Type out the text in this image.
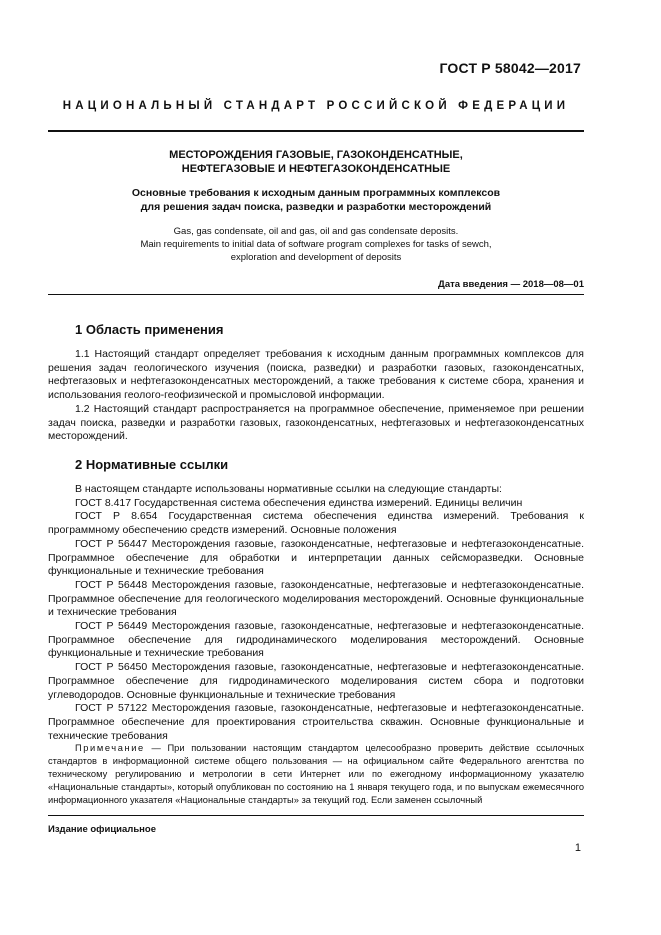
ГОСТ Р 58042—2017
НАЦИОНАЛЬНЫЙ СТАНДАРТ РОССИЙСКОЙ ФЕДЕРАЦИИ
МЕСТОРОЖДЕНИЯ ГАЗОВЫЕ, ГАЗОКОНДЕНСАТНЫЕ,
НЕФТЕГАЗОВЫЕ И НЕФТЕГАЗОКОНДЕНСАТНЫЕ
Основные требования к исходным данным программных комплексов
для решения задач поиска, разведки и разработки месторождений
Gas, gas condensate, oil and gas, oil and gas condensate deposits.
Main requirements to initial data of software program complexes for tasks of sewch,
exploration and development of deposits
Дата введения — 2018—08—01
1 Область применения

1.1 Настоящий стандарт определяет требования к исходным данным программных комплексов для решения задач геологического изучения (поиска, разведки) и разработки газовых, газоконденсатных, нефтегазовых и нефтегазоконденсатных месторождений, а также требования к системе сбора, хранения и использования геолого-геофизической и промысловой информации.

1.2 Настоящий стандарт распространяется на программное обеспечение, применяемое при решении задач поиска, разведки и разработки газовых, газоконденсатных, нефтегазовых и нефтегазоконденсатных месторождений.

2 Нормативные ссылки

В настоящем стандарте использованы нормативные ссылки на следующие стандарты:

ГОСТ 8.417 Государственная система обеспечения единства измерений. Единицы величин

ГОСТ Р 8.654 Государственная система обеспечения единства измерений. Требования к программному обеспечению средств измерений. Основные положения

ГОСТ Р 56447 Месторождения газовые, газоконденсатные, нефтегазовые и нефтегазоконденсатные. Программное обеспечение для обработки и интерпретации данных сейсморазведки. Основные функциональные и технические требования

ГОСТ Р 56448 Месторождения газовые, газоконденсатные, нефтегазовые и нефтегазоконденсатные. Программное обеспечение для геологического моделирования месторождений. Основные функциональные и технические требования

ГОСТ Р 56449 Месторождения газовые, газоконденсатные, нефтегазовые и нефтегазоконденсатные. Программное обеспечение для гидродинамического моделирования месторождений. Основные функциональные и технические требования

ГОСТ Р 56450 Месторождения газовые, газоконденсатные, нефтегазовые и нефтегазоконденсатные. Программное обеспечение для гидродинамического моделирования систем сбора и подготовки углеводородов. Основные функциональные и технические требования

ГОСТ Р 57122 Месторождения газовые, газоконденсатные, нефтегазовые и нефтегазоконденсатные. Программное обеспечение для проектирования строительства скважин. Основные функциональные и технические требования

Примечание — При пользовании настоящим стандартом целесообразно проверить действие ссылочных стандартов в информационной системе общего пользования — на официальном сайте Федерального агентства по техническому регулированию и метрологии в сети Интернет или по ежегодному информационному указателю «Национальные стандарты», который опубликован по состоянию на 1 января текущего года, и по выпускам ежемесячного информационного указателя «Национальные стандарты» за текущий год. Если заменен ссылочный

Издание официальное
1
